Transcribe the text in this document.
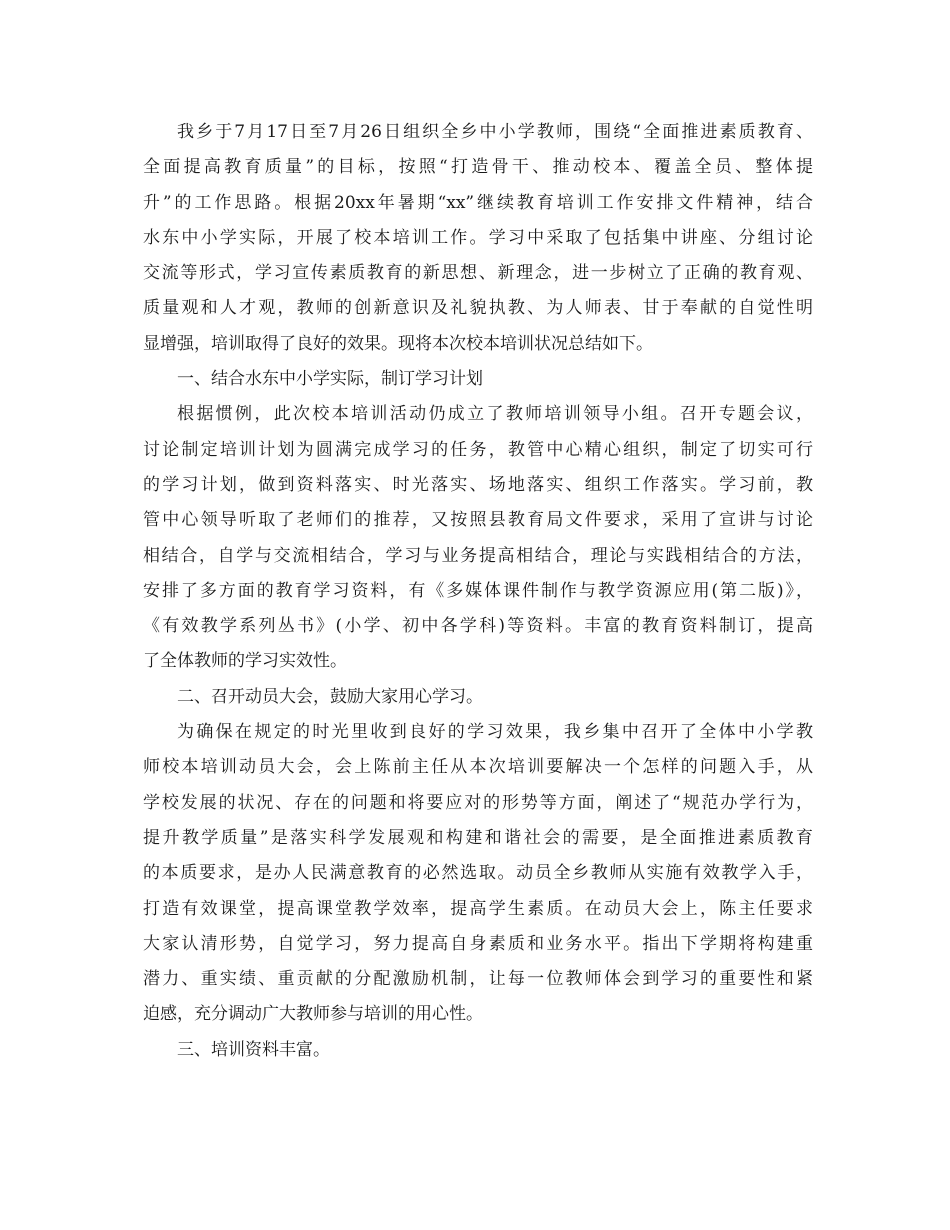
我乡于7月17日至7月26日组织全乡中小学教师，围绕“全面推进素质教育、
全面提高教育质量”的目标，按照“打造骨干、推动校本、覆盖全员、整体提
升”的工作思路。根据20xx年暑期“xx”继续教育培训工作安排文件精神，结合
水东中小学实际，开展了校本培训工作。学习中采取了包括集中讲座、分组讨论
交流等形式，学习宣传素质教育的新思想、新理念，进一步树立了正确的教育观、
质量观和人才观，教师的创新意识及礼貌执教、为人师表、甘于奉献的自觉性明
显增强，培训取得了良好的效果。现将本次校本培训状况总结如下。
一、结合水东中小学实际，制订学习计划
根据惯例，此次校本培训活动仍成立了教师培训领导小组。召开专题会议，
讨论制定培训计划为圆满完成学习的任务，教管中心精心组织，制定了切实可行
的学习计划，做到资料落实、时光落实、场地落实、组织工作落实。学习前，教
管中心领导听取了老师们的推荐，又按照县教育局文件要求，采用了宣讲与讨论
相结合，自学与交流相结合，学习与业务提高相结合，理论与实践相结合的方法，
安排了多方面的教育学习资料，有《多媒体课件制作与教学资源应用(第二版)》，
《有效教学系列丛书》(小学、初中各学科)等资料。丰富的教育资料制订，提高
了全体教师的学习实效性。
二、召开动员大会，鼓励大家用心学习。
为确保在规定的时光里收到良好的学习效果，我乡集中召开了全体中小学教
师校本培训动员大会，会上陈前主任从本次培训要解决一个怎样的问题入手，从
学校发展的状况、存在的问题和将要应对的形势等方面，阐述了“规范办学行为，
提升教学质量”是落实科学发展观和构建和谐社会的需要，是全面推进素质教育
的本质要求，是办人民满意教育的必然选取。动员全乡教师从实施有效教学入手，
打造有效课堂，提高课堂教学效率，提高学生素质。在动员大会上，陈主任要求
大家认清形势，自觉学习，努力提高自身素质和业务水平。指出下学期将构建重
潜力、重实绩、重贡献的分配激励机制，让每一位教师体会到学习的重要性和紧
迫感，充分调动广大教师参与培训的用心性。
三、培训资料丰富。
